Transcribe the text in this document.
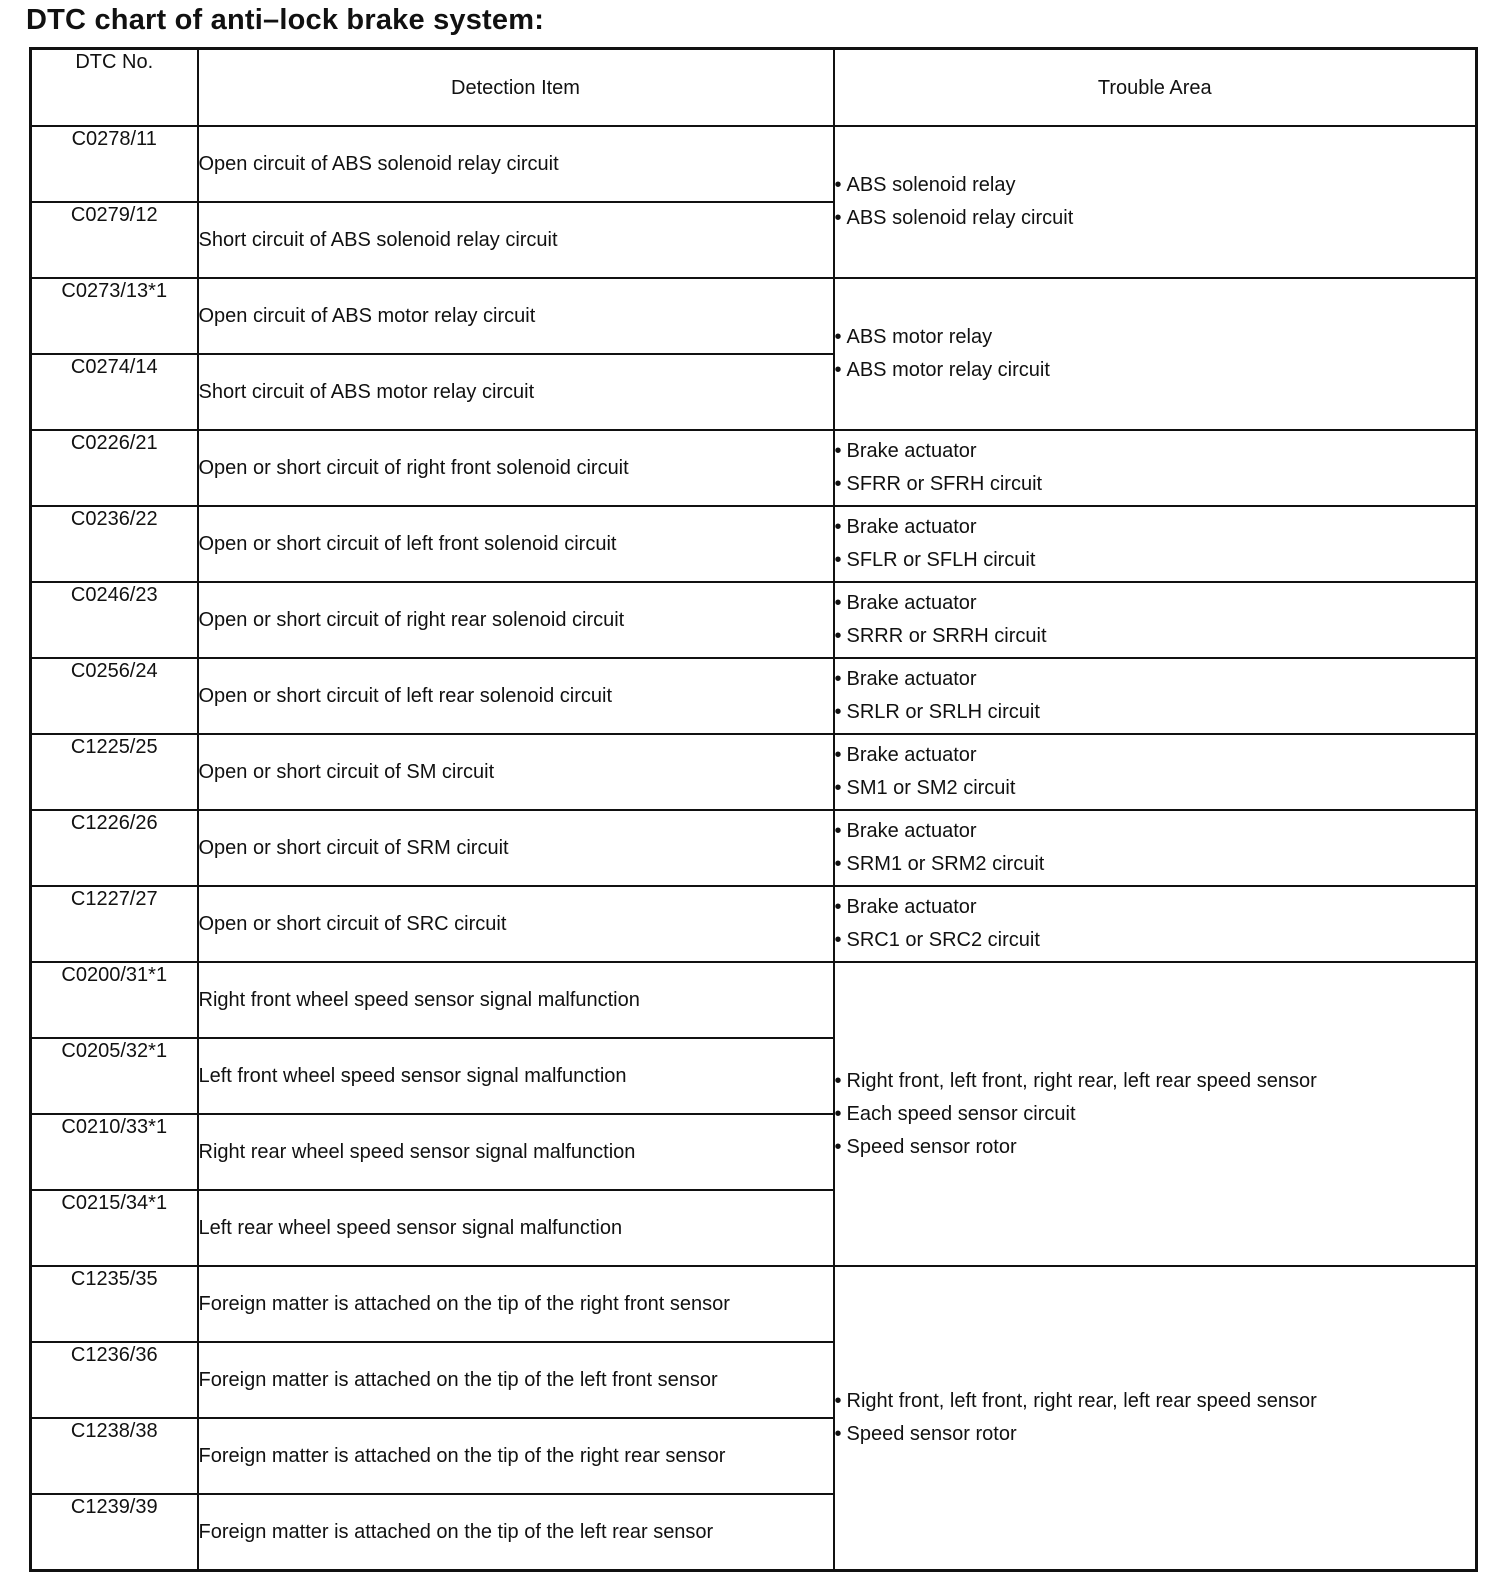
DTC chart of anti–lock brake system:
DTC No.	Detection Item	Trouble Area
C0278/11	Open circuit of ABS solenoid relay circuit	• ABS solenoid relay
• ABS solenoid relay circuit

C0279/12	Short circuit of ABS solenoid relay circuit	
C0273/13*1	Open circuit of ABS motor relay circuit	• ABS motor relay
• ABS motor relay circuit

C0274/14	Short circuit of ABS motor relay circuit	
C0226/21	Open or short circuit of right front solenoid circuit	• Brake actuator
• SFRR or SFRH circuit

C0236/22	Open or short circuit of left front solenoid circuit	• Brake actuator
• SFLR or SFLH circuit

C0246/23	Open or short circuit of right rear solenoid circuit	• Brake actuator
• SRRR or SRRH circuit

C0256/24	Open or short circuit of left rear solenoid circuit	• Brake actuator
• SRLR or SRLH circuit

C1225/25	Open or short circuit of SM circuit	• Brake actuator
• SM1 or SM2 circuit

C1226/26	Open or short circuit of SRM circuit	• Brake actuator
• SRM1 or SRM2 circuit

C1227/27	Open or short circuit of SRC circuit	• Brake actuator
• SRC1 or SRC2 circuit

C0200/31*1	Right front wheel speed sensor signal malfunction	• Right front, left front, right rear, left rear speed sensor
• Each speed sensor circuit
• Speed sensor rotor

C0205/32*1	Left front wheel speed sensor signal malfunction	
C0210/33*1	Right rear wheel speed sensor signal malfunction	
C0215/34*1	Left rear wheel speed sensor signal malfunction	
C1235/35	Foreign matter is attached on the tip of the right front sensor	• Right front, left front, right rear, left rear speed sensor
• Speed sensor rotor

C1236/36	Foreign matter is attached on the tip of the left front sensor	
C1238/38	Foreign matter is attached on the tip of the right rear sensor	
C1239/39	Foreign matter is attached on the tip of the left rear sensor	
